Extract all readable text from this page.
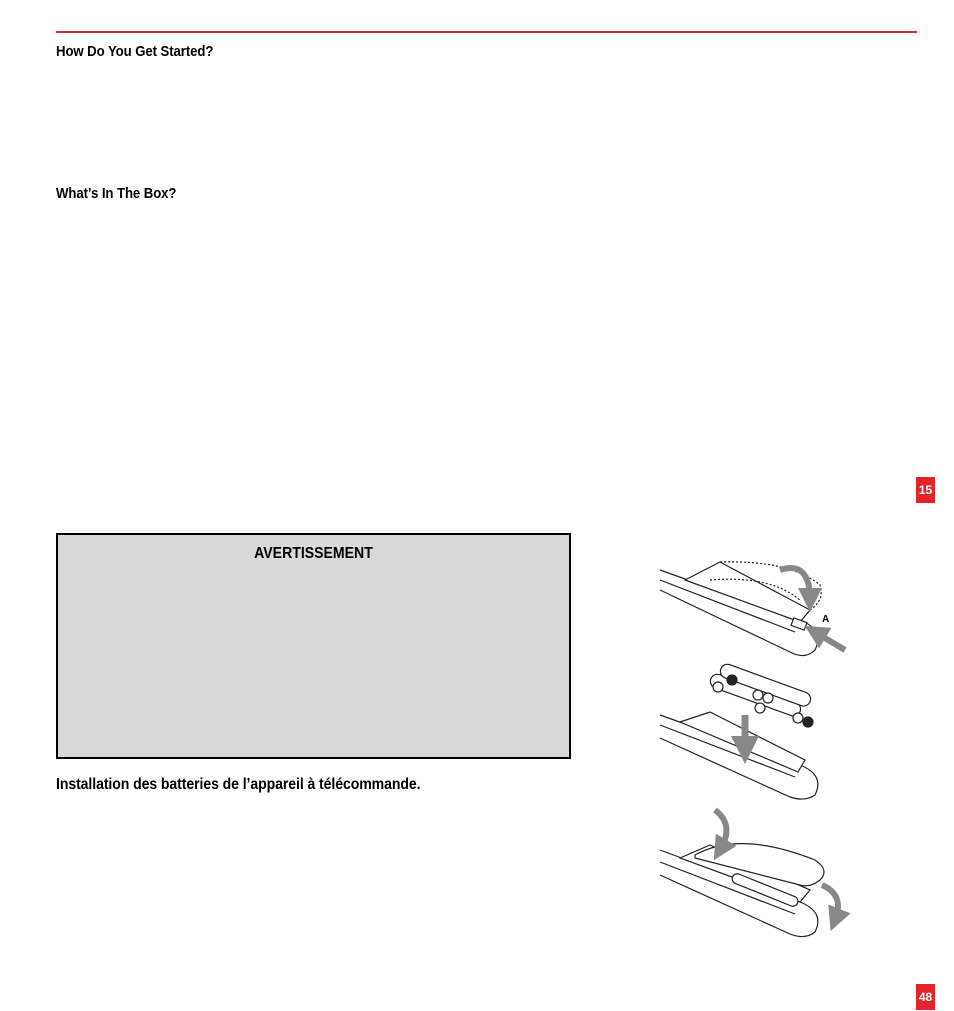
How Do You Get Started?
What’s In The Box?
AVERTISSEMENT
Installation des batteries de l’appareil à télécommande.
15
48
A
